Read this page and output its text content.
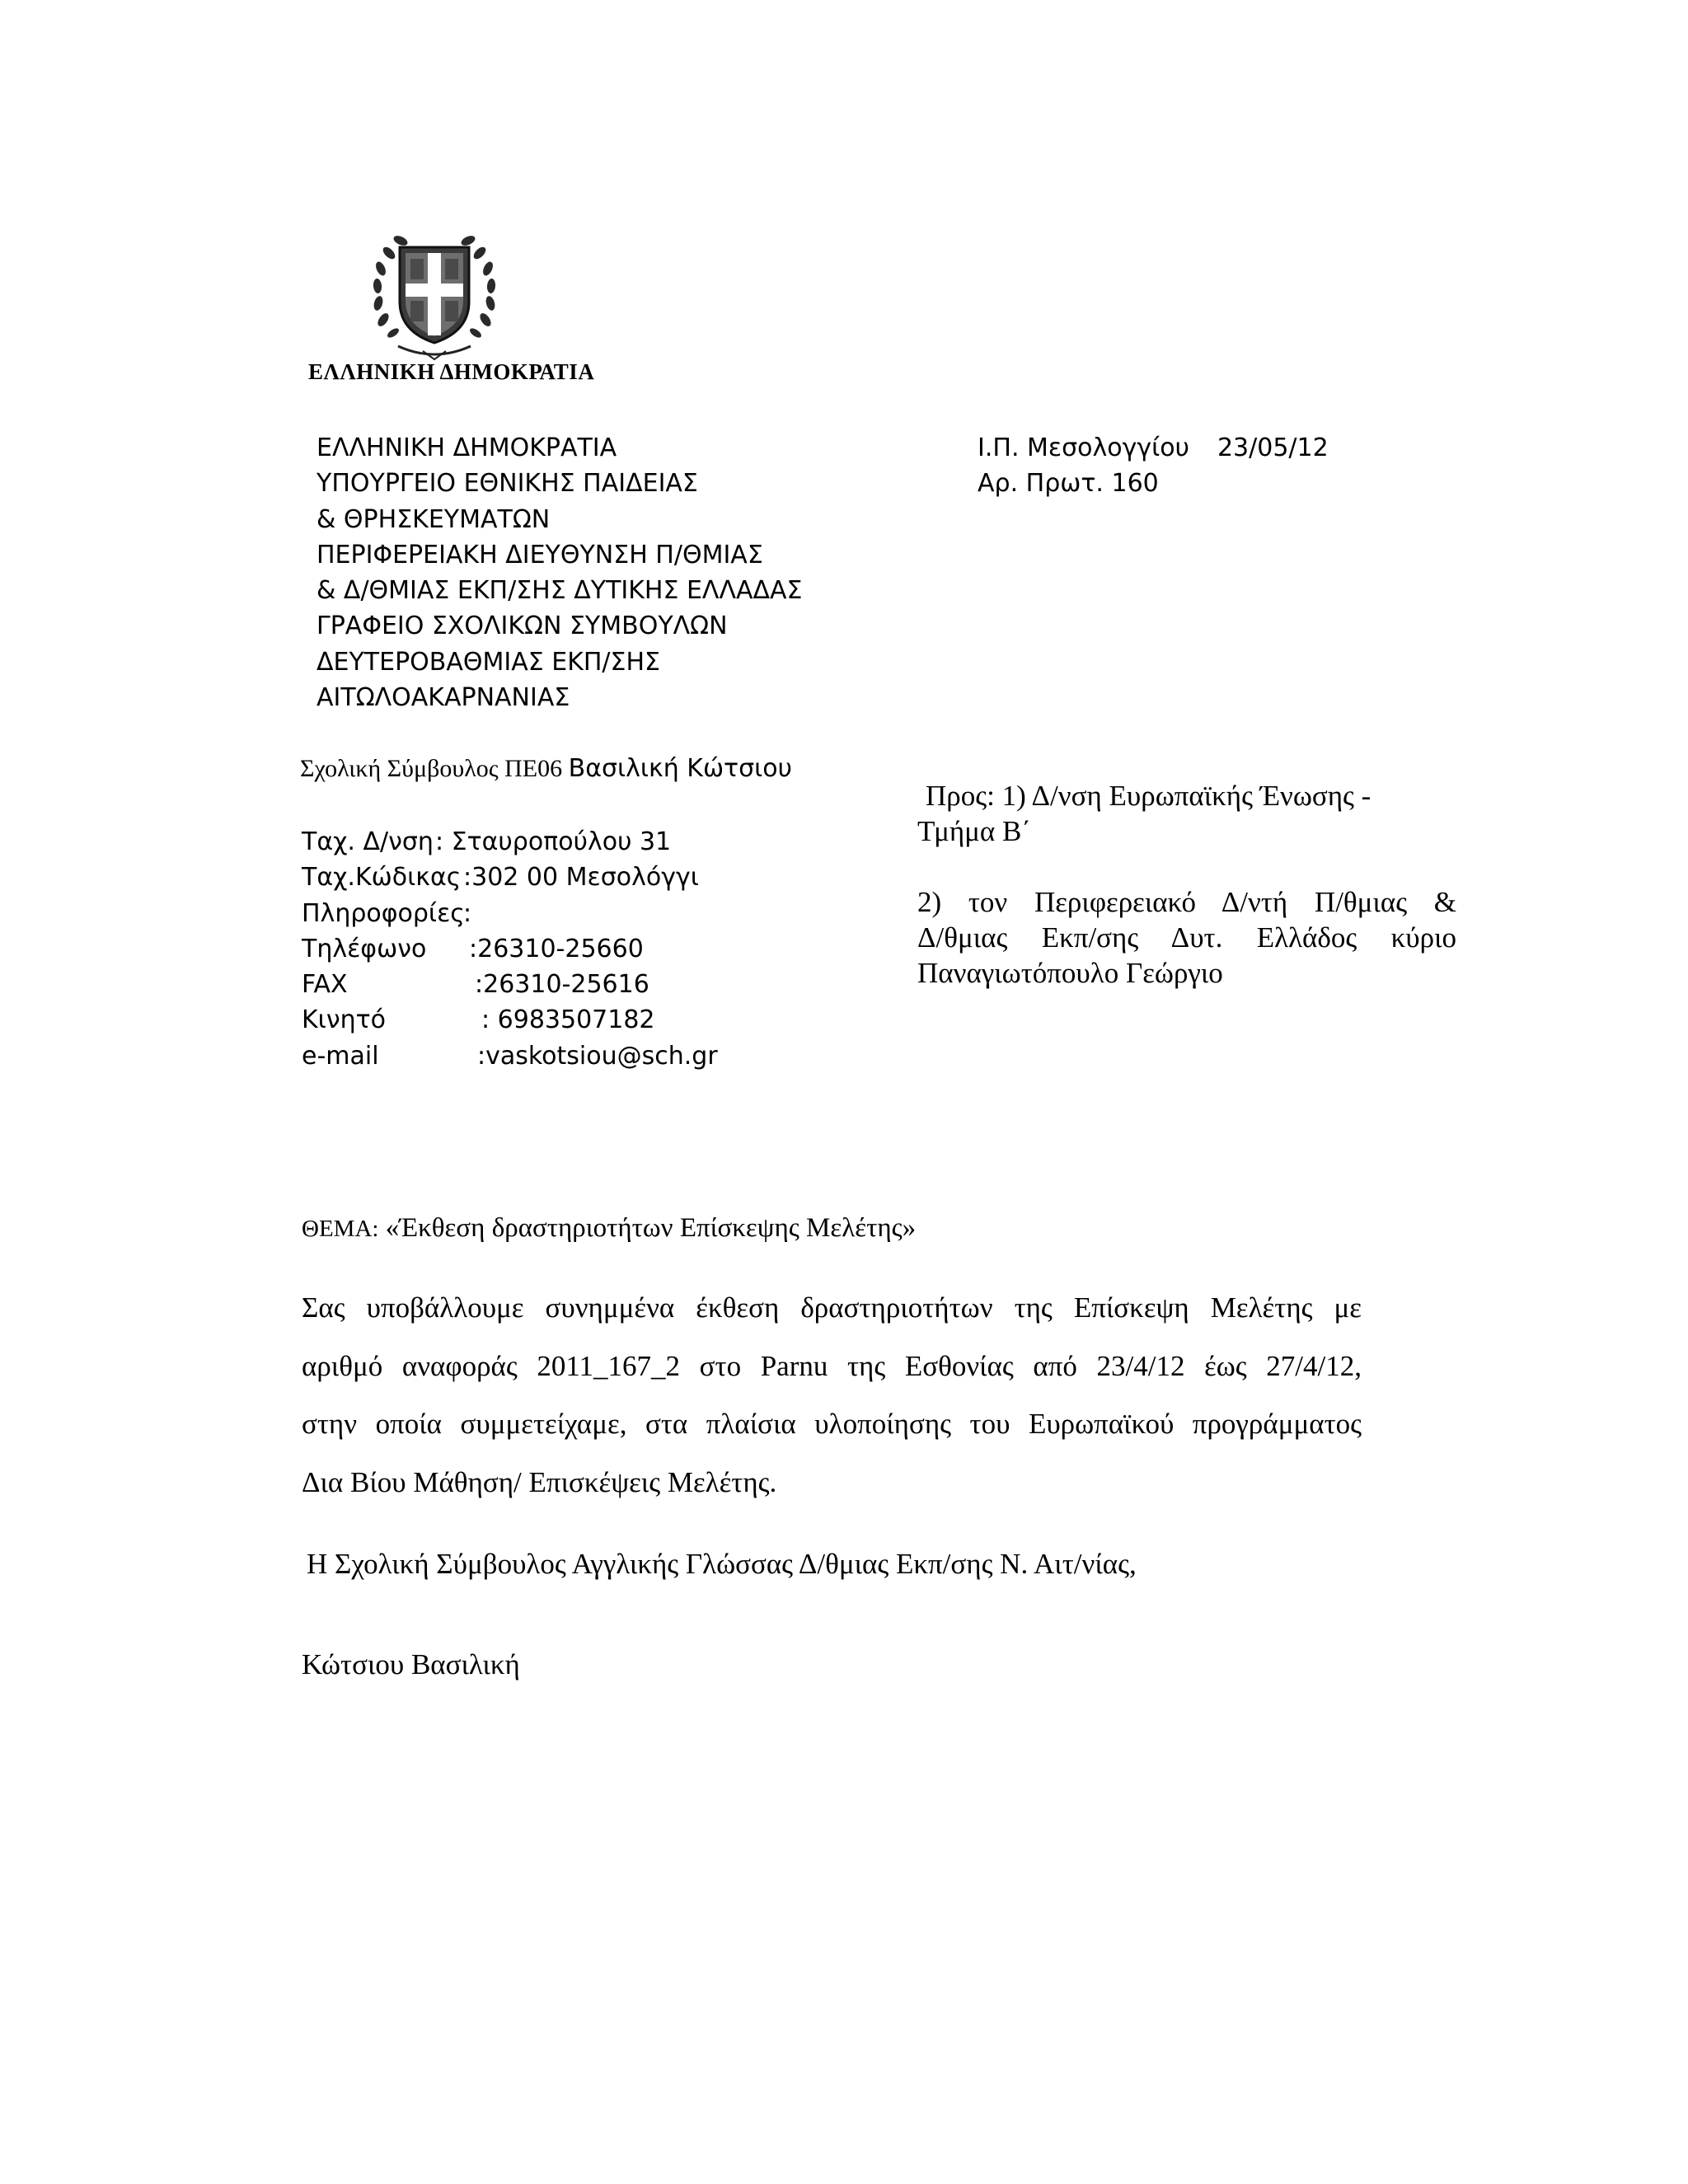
ΕΛΛΗΝΙΚΗ ΔΗΜΟΚΡΑΤΙΑ
ΕΛΛΗΝΙΚΗ ΔΗΜΟΚΡΑΤΙΑ
ΥΠΟΥΡΓΕΙΟ ΕΘΝΙΚΗΣ ΠΑΙΔΕΙΑΣ
& ΘΡΗΣΚΕΥΜΑΤΩΝ
ΠΕΡΙΦΕΡΕΙΑΚΗ ΔΙΕΥΘΥΝΣΗ Π/ΘΜΙΑΣ
& Δ/ΘΜΙΑΣ ΕΚΠ/ΣΗΣ ΔΥΤΙΚΗΣ ΕΛΛΑΔΑΣ
ΓΡΑΦΕΙΟ ΣΧΟΛΙΚΩΝ ΣΥΜΒΟΥΛΩΝ
ΔΕΥΤΕΡΟΒΑΘΜΙΑΣ ΕΚΠ/ΣΗΣ
ΑΙΤΩΛΟΑΚΑΡΝΑΝΙΑΣ
Ι.Π. Μεσολογγίου 23/05/12
Αρ. Πρωτ. 160
Σχολική Σύμβουλος ΠΕ06 Βασιλική Κώτσιου
Ταχ. Δ/νση : Σταυροπούλου 31
Ταχ.Κώδικας :302 00 Μεσολόγγι
Πληροφορίες
:
Τηλέφωνο :26310-25660
FAX	:26310-25616
Κινητό	: 6983507182
e-mail	:vaskotsiou@sch.gr
Προς: 1) Δ/νση Ευρωπαϊκής Ένωσης -
Τμήμα Β΄
2) τον Περιφερειακό Δ/ντή Π/θμιας &
Δ/θμιας Εκπ/σης Δυτ. Ελλάδος κύριο
Παναγιωτόπουλο Γεώργιο
ΘΕΜΑ: «Έκθεση δραστηριοτήτων Επίσκεψης Μελέτης»
Σας υποβάλλουμε συνημμένα έκθεση δραστηριοτήτων της Επίσκεψη Μελέτης με
αριθμό αναφοράς 2011_167_2 στο Parnu της Εσθονίας από 23/4/12 έως 27/4/12,
στην οποία συμμετείχαμε, στα πλαίσια υλοποίησης του Ευρωπαϊκού προγράμματος
Δια Βίου Μάθηση/ Επισκέψεις Μελέτης.
Η Σχολική Σύμβουλος Αγγλικής Γλώσσας Δ/θμιας Εκπ/σης Ν. Αιτ/νίας,
Κώτσιου Βασιλική
